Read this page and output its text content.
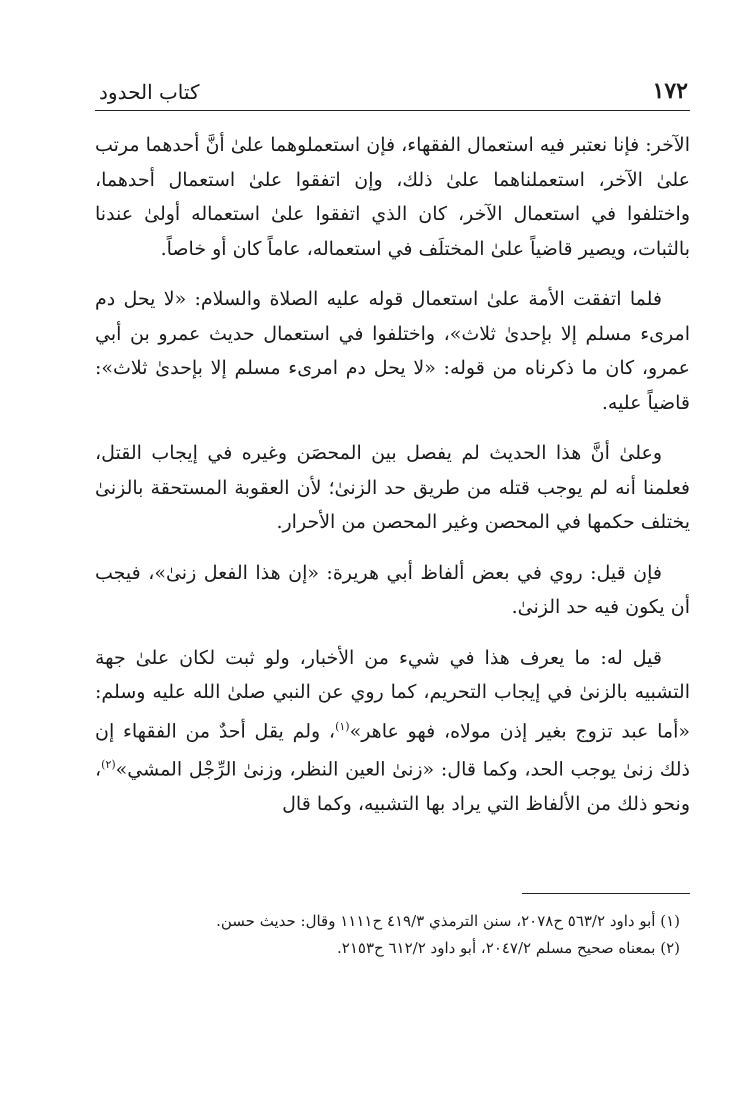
١٧٢
كتاب الحدود

الآخر: فإنا نعتبر فيه استعمال الفقهاء، فإن استعملوهما علىٰ أنَّ أحدهما مرتب علىٰ الآخر، استعملناهما علىٰ ذلك، وإن اتفقوا علىٰ استعمال أحدهما، واختلفوا في استعمال الآخر، كان الذي اتفقوا علىٰ استعماله أولىٰ عندنا بالثبات، ويصير قاضياً علىٰ المختلَف في استعماله، عاماً كان أو خاصاً.

فلما اتفقت الأمة علىٰ استعمال قوله عليه الصلاة والسلام: «لا يحل دم امرىء مسلم إلا بإحدىٰ ثلاث»، واختلفوا في استعمال حديث عمرو بن أبي عمرو، كان ما ذكرناه من قوله: «لا يحل دم امرىء مسلم إلا بإحدىٰ ثلاث»: قاضياً عليه.

وعلىٰ أنَّ هذا الحديث لم يفصل بين المحصَن وغيره في إيجاب القتل، فعلمنا أنه لم يوجب قتله من طريق حد الزنىٰ؛ لأن العقوبة المستحقة بالزنىٰ يختلف حكمها في المحصن وغير المحصن من الأحرار.

فإن قيل: روي في بعض ألفاظ أبي هريرة: «إن هذا الفعل زنىٰ»، فيجب أن يكون فيه حد الزنىٰ.

قيل له: ما يعرف هذا في شيء من الأخبار، ولو ثبت لكان علىٰ جهة التشبيه بالزنىٰ في إيجاب التحريم، كما روي عن النبي صلىٰ الله عليه وسلم: «أما عبد تزوج بغير إذن مولاه، فهو عاهر»$^{(١)}$، ولم يقل أحدٌ من الفقهاء إن ذلك زنىٰ يوجب الحد، وكما قال: «زنىٰ العين النظر، وزنىٰ الرِّجْل المشي»$^{(٢)}$، ونحو ذلك من الألفاظ التي يراد بها التشبيه، وكما قال

(١) أبو داود ٥٦٣/٢ ح٢٠٧٨، سنن الترمذي ٤١٩/٣ ح١١١١ وقال: حديث حسن.

(٢) بمعناه صحيح مسلم ٢٠٤٧/٢، أبو داود ٦١٢/٢ ح٢١٥٣.
